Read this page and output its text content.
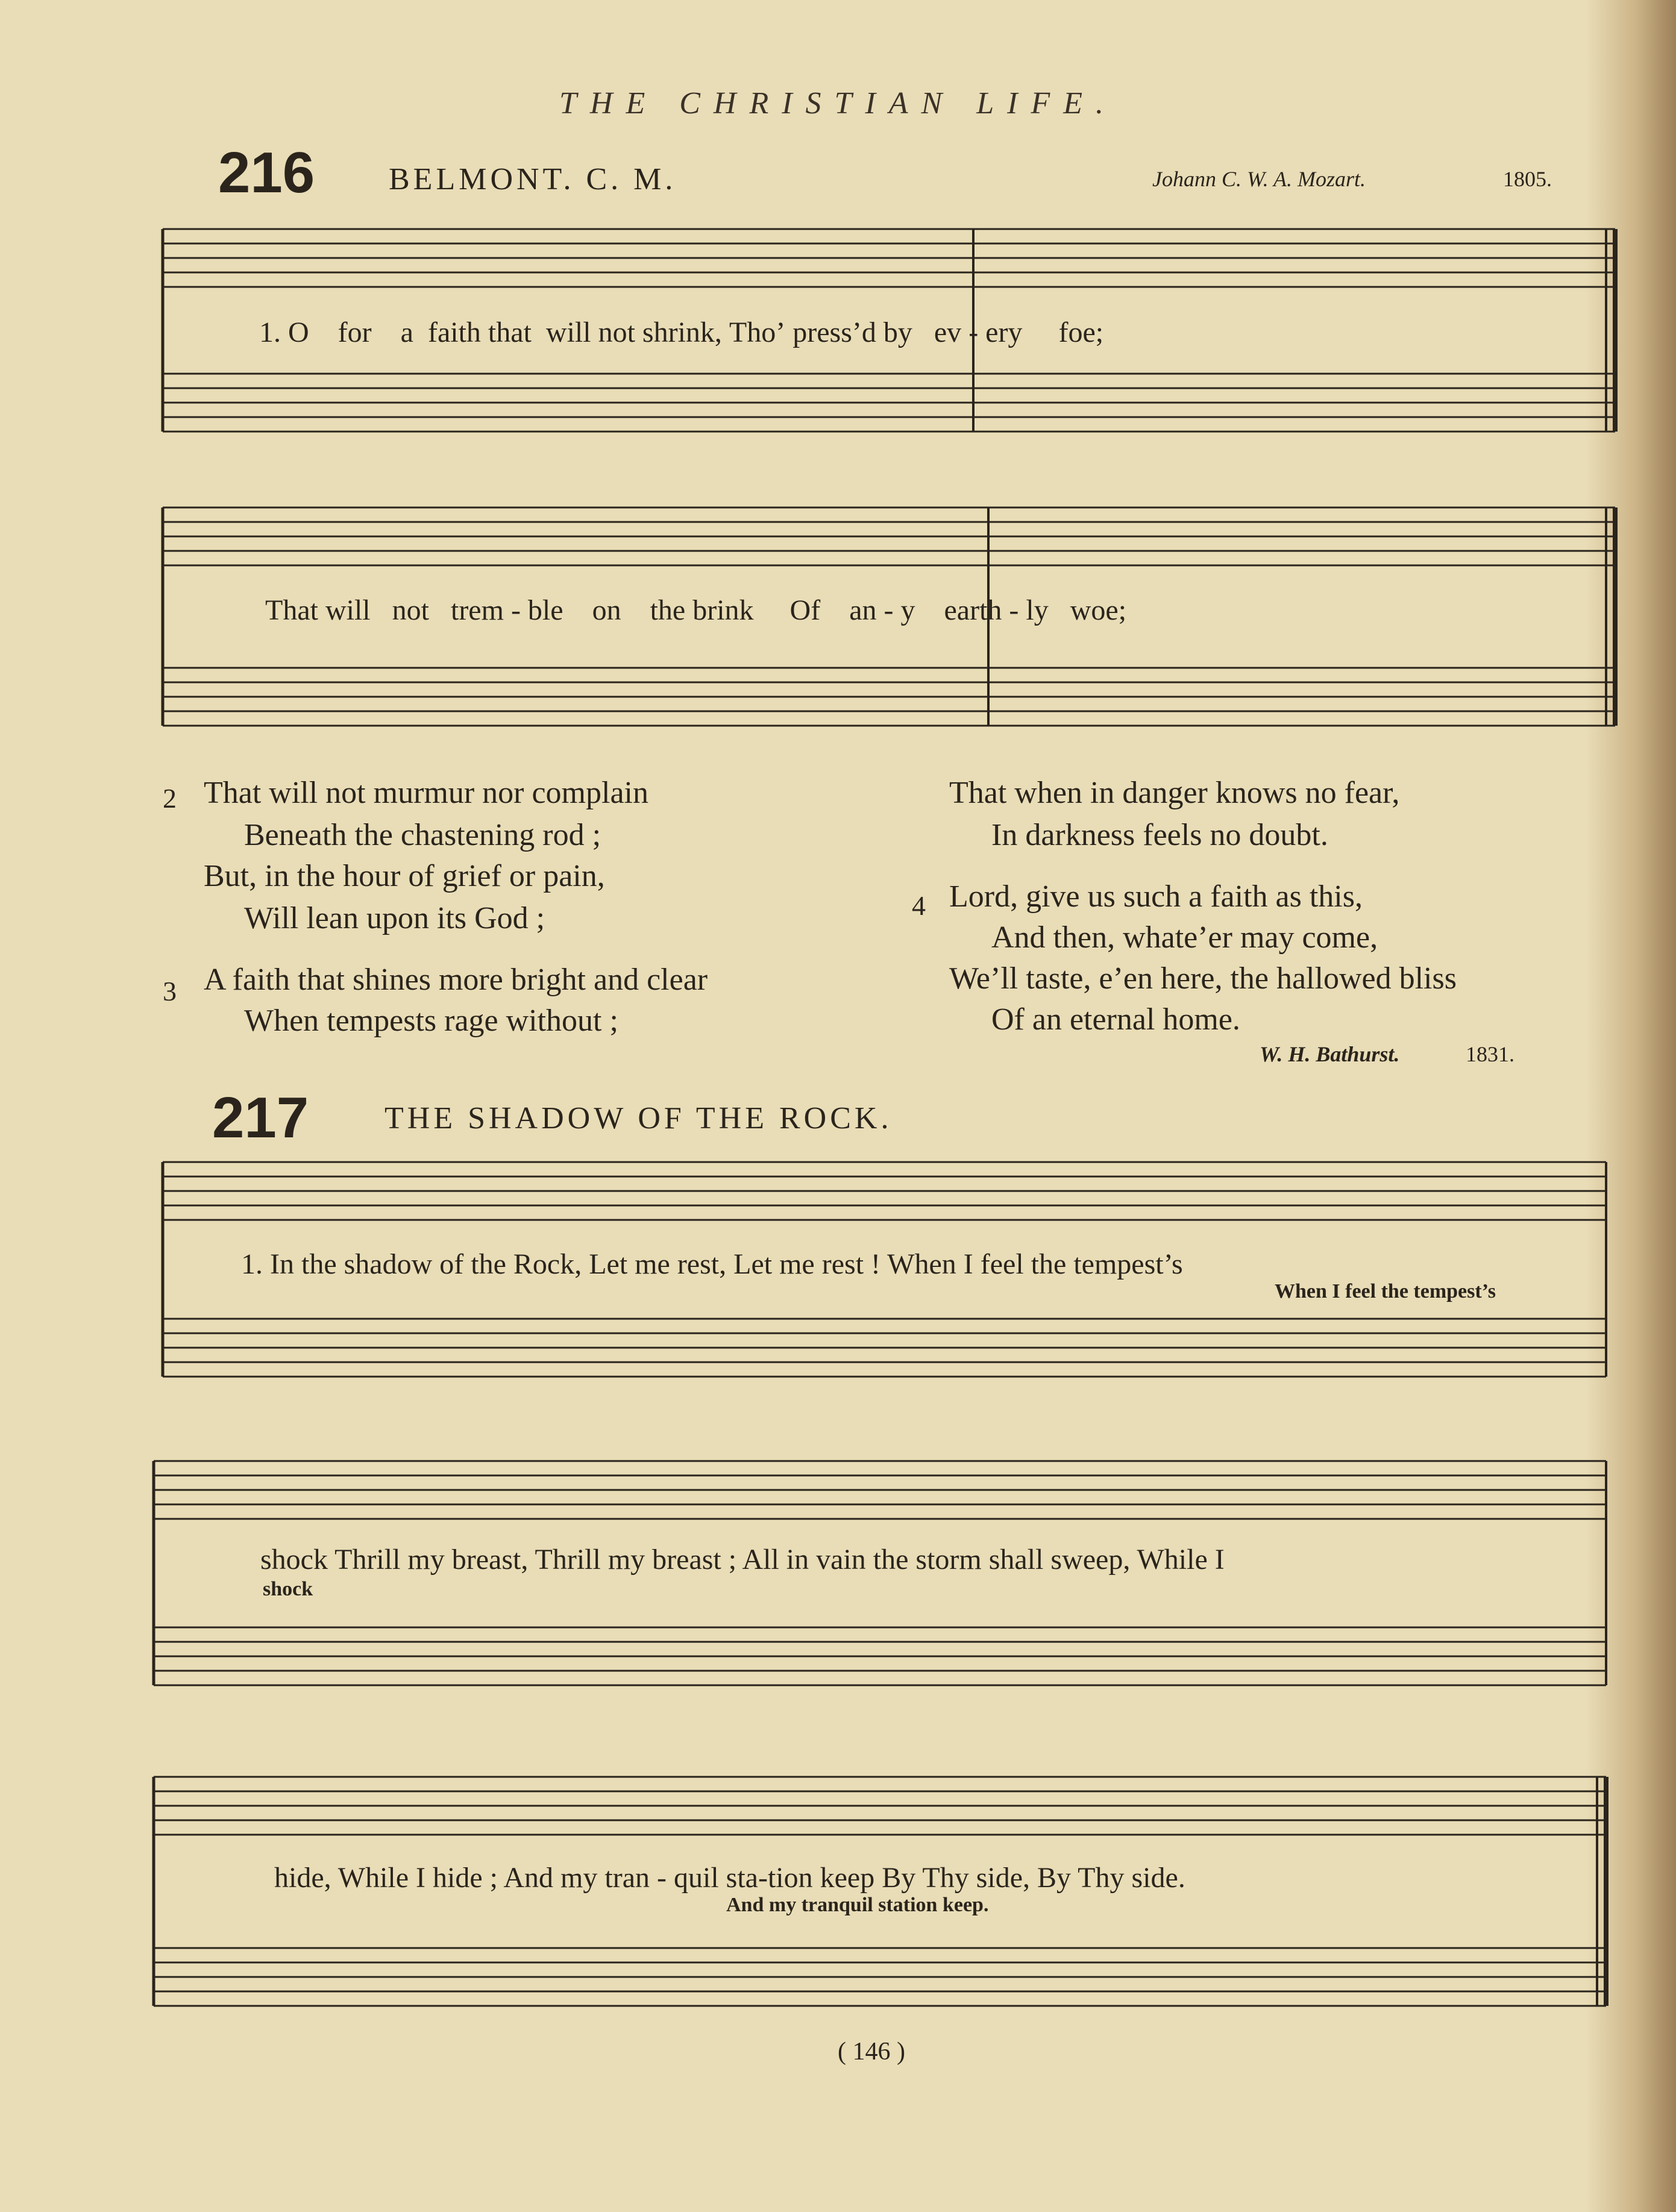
THE CHRISTIAN LIFE.
216 BELMONT. C. M.	Johann C. W. A. Mozart.	1805.
1. O for a faith that will not shrink, Tho’ press’d by ev - ery foe;
That will not trem - ble on the brink Of an - y earth - ly woe;
2 That will not murmur nor complain
Beneath the chastening rod ;
But, in the hour of grief or pain,
Will lean upon its God ;
3 A faith that shines more bright and clear
When tempests rage without ;
That when in danger knows no fear,
In darkness feels no doubt.
4 Lord, give us such a faith as this,
And then, whate’er may come,
We’ll taste, e’en here, the hallowed bliss
Of an eternal home.
W. H. Bathurst.	1831.
217 THE SHADOW OF THE ROCK.
1. In the shadow of the Rock, Let me rest, Let me rest ! When I feel the tempest’s
When I feel the tempest’s
shock Thrill my breast, Thrill my breast ; All in vain the storm shall sweep, While I
shock
hide, While I hide ; And my tran - quil sta-tion keep By Thy side, By Thy side.
And my tranquil station keep.
( 146 )
